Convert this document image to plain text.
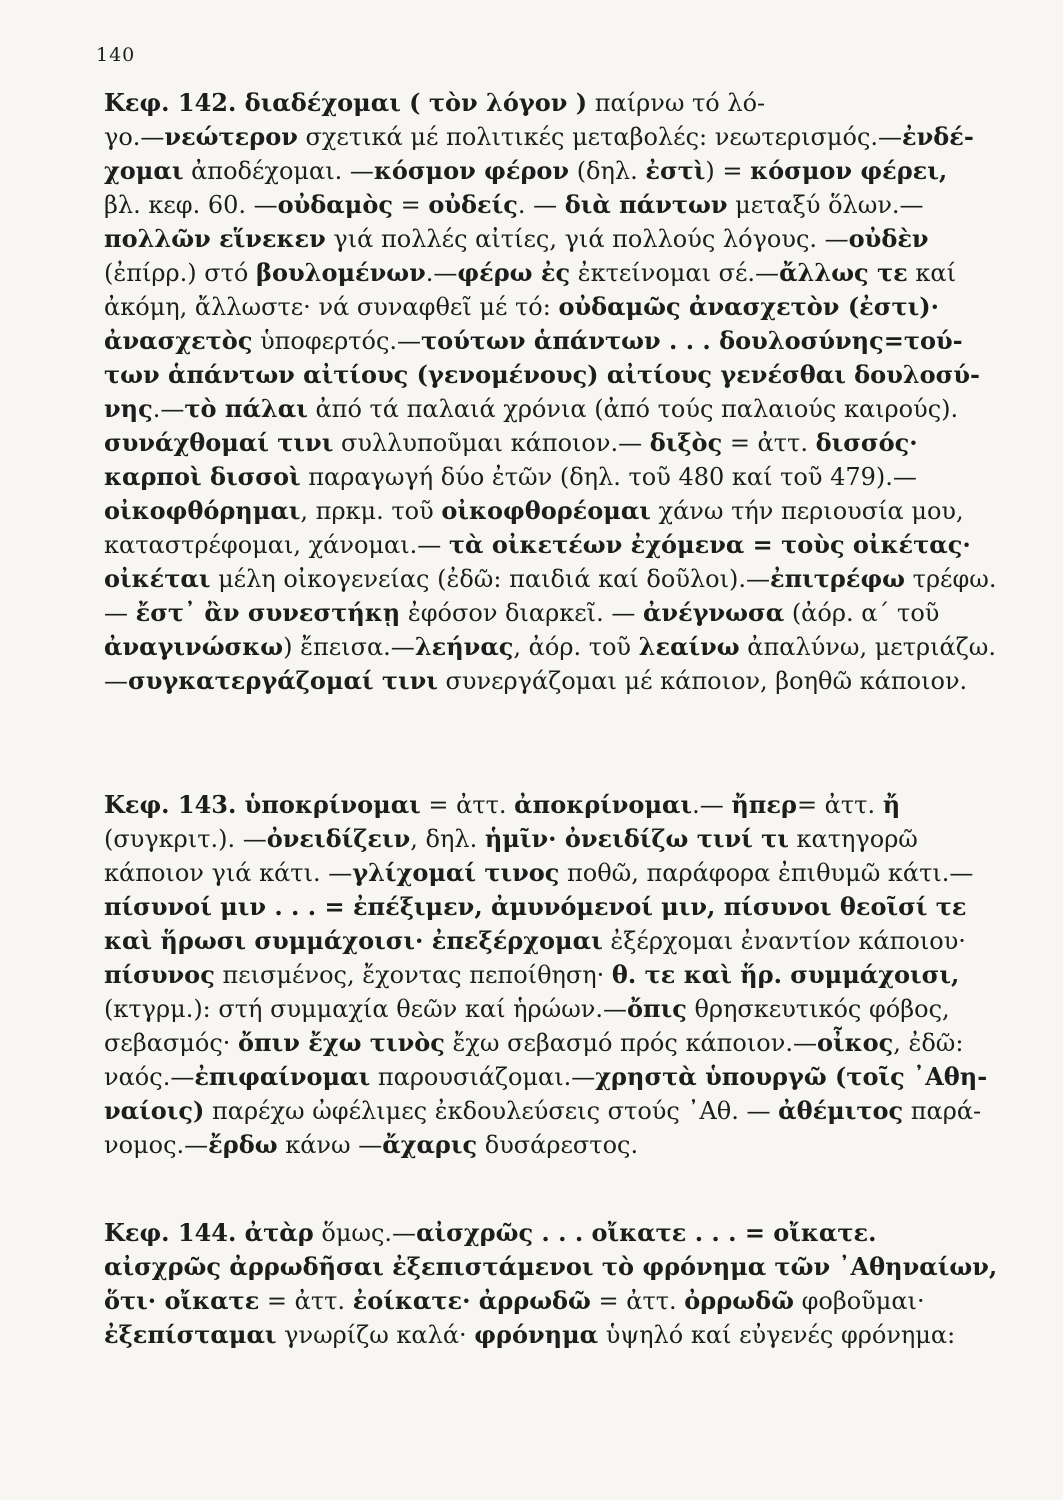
140
Κεφ. 142. διαδέχομαι ( τὸν λόγον ) παίρνω τό λό-
γο.—νεώτερον σχετικά μέ πολιτικές μεταβολές: νεωτερισμός.—ἐνδέ-
χομαι ἀποδέχομαι. —κόσμον φέρον (δηλ. ἐστὶ) = κόσμον φέρει,
βλ. κεφ. 60. —οὐδαμὸς = οὐδείς. — διὰ πάντων μεταξύ ὅλων.—
πολλῶν εἵνεκεν γιά πολλές αἰτίες, γιά πολλούς λόγους. —οὐδὲν
(ἐπίρρ.) στό βουλομένων.—φέρω ἐς ἐκτείνομαι σέ.—ἄλλως τε καί
ἀκόμη, ἄλλωστε· νά συναφθεῖ μέ τό: οὐδαμῶς ἀνασχετὸν (ἐστι)·
ἀνασχετὸς ὑποφερτός.—τούτων ἁπάντων . . . δουλοσύνης=τού-
των ἁπάντων αἰτίους (γενομένους) αἰτίους γενέσθαι δουλοσύ-
νης.—τὸ πάλαι ἀπό τά παλαιά χρόνια (ἀπό τούς παλαιούς καιρούς).
συνάχθομαί τινι συλλυποῦμαι κάποιον.— διξὸς = ἀττ. δισσός·
καρποὶ δισσοὶ παραγωγή δύο ἐτῶν (δηλ. τοῦ 480 καί τοῦ 479).—
οἰκοφθόρημαι, πρκμ. τοῦ οἰκοφθορέομαι χάνω τήν περιουσία μου,
καταστρέφομαι, χάνομαι.— τὰ οἰκετέων ἐχόμενα = τοὺς οἰκέτας·
οἰκέται μέλη οἰκογενείας (ἐδῶ: παιδιά καί δοῦλοι).—ἐπιτρέφω τρέφω.
— ἔστ᾽ ἂν συνεστήκῃ ἐφόσον διαρκεῖ. — ἀνέγνωσα (ἀόρ. α΄ τοῦ
ἀναγινώσκω) ἔπεισα.—λεήνας, ἀόρ. τοῦ λεαίνω ἀπαλύνω, μετριάζω.
—συγκατεργάζομαί τινι συνεργάζομαι μέ κάποιον, βοηθῶ κάποιον.
Κεφ. 143. ὑποκρίνομαι = ἀττ. ἀποκρίνομαι.— ἤπερ= ἀττ. ἤ
(συγκριτ.). —ὀνειδίζειν, δηλ. ἡμῖν· ὀνειδίζω τινί τι κατηγορῶ
κάποιον γιά κάτι. —γλίχομαί τινος ποθῶ, παράφορα ἐπιθυμῶ κάτι.—
πίσυνοί μιν . . . = ἐπέξιμεν, ἀμυνόμενοί μιν, πίσυνοι θεοῖσί τε
καὶ ἥρωσι συμμάχοισι· ἐπεξέρχομαι ἐξέρχομαι ἐναντίον κάποιου·
πίσυνος πεισμένος, ἔχοντας πεποίθηση· θ. τε καὶ ἥρ. συμμάχοισι,
(κτγρμ.): στή συμμαχία θεῶν καί ἡρώων.—ὄπις θρησκευτικός φόβος,
σεβασμός· ὄπιν ἔχω τινὸς ἔχω σεβασμό πρός κάποιον.—οἶκος, ἐδῶ:
ναός.—ἐπιφαίνομαι παρουσιάζομαι.—χρηστὰ ὑπουργῶ (τοῖς ᾿Αθη-
ναίοις) παρέχω ὠφέλιμες ἐκδουλεύσεις στούς ᾿Αθ. — ἀθέμιτος παρά-
νομος.—ἔρδω κάνω —ἄχαρις δυσάρεστος.
Κεφ. 144. ἀτὰρ ὅμως.—αἰσχρῶς . . . οἴκατε . . . = οἴκατε.
αἰσχρῶς ἀρρωδῆσαι ἐξεπιστάμενοι τὸ φρόνημα τῶν ᾿Αθηναίων,
ὅτι· οἴκατε = ἀττ. ἐοίκατε· ἀρρωδῶ = ἀττ. ὀρρωδῶ φοβοῦμαι·
ἐξεπίσταμαι γνωρίζω καλά· φρόνημα ὑψηλό καί εὐγενές φρόνημα:
